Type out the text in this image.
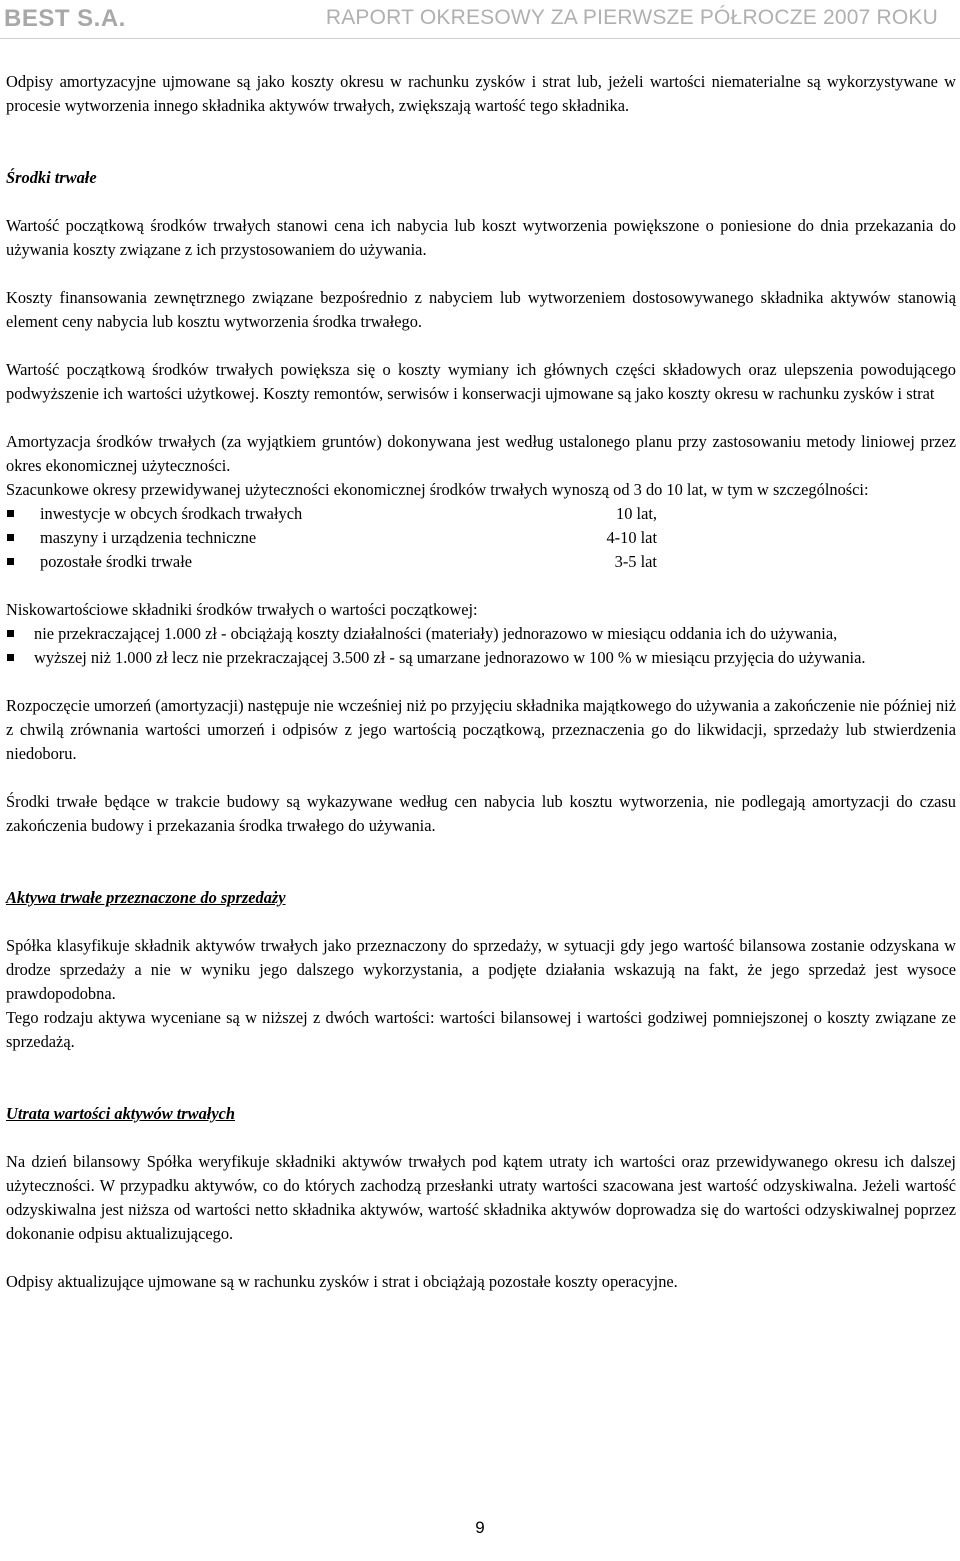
BEST S.A.	RAPORT OKRESOWY ZA PIERWSZE PÓŁROCZE 2007 ROKU

Odpisy amortyzacyjne ujmowane są jako koszty okresu w rachunku zysków i strat lub, jeżeli wartości niematerialne są wykorzystywane w procesie wytworzenia innego składnika aktywów trwałych, zwiększają wartość tego składnika.

Środki trwałe

Wartość początkową środków trwałych stanowi cena ich nabycia lub koszt wytworzenia powiększone o poniesione do dnia przekazania do używania koszty związane z ich przystosowaniem do używania.

Koszty finansowania zewnętrznego związane bezpośrednio z nabyciem lub wytworzeniem dostosowywanego składnika aktywów stanowią element ceny nabycia lub kosztu wytworzenia środka trwałego.

Wartość początkową środków trwałych powiększa się o koszty wymiany ich głównych części składowych oraz ulepszenia powodującego podwyższenie ich wartości użytkowej. Koszty remontów, serwisów i konserwacji ujmowane są jako koszty okresu w rachunku zysków i strat

Amortyzacja środków trwałych (za wyjątkiem gruntów) dokonywana jest według ustalonego planu przy zastosowaniu metody liniowej przez okres ekonomicznej użyteczności.

Szacunkowe okresy przewidywanej użyteczności ekonomicznej środków trwałych wynoszą od 3 do 10 lat, w tym w szczególności:

inwestycje w obcych środkach trwałych	10 lat,
maszyny i urządzenia techniczne	4-10 lat
pozostałe środki trwałe	3-5 lat

Niskowartościowe składniki środków trwałych o wartości początkowej:

nie przekraczającej 1.000 zł - obciążają koszty działalności (materiały) jednorazowo w miesiącu oddania ich do używania,
wyższej niż 1.000 zł lecz nie przekraczającej 3.500 zł - są umarzane jednorazowo w 100 % w miesiącu przyjęcia do używania.

Rozpoczęcie umorzeń (amortyzacji) następuje nie wcześniej niż po przyjęciu składnika majątkowego do używania a zakończenie nie później niż z chwilą zrównania wartości umorzeń i odpisów z jego wartością początkową, przeznaczenia go do likwidacji, sprzedaży lub stwierdzenia niedoboru.

Środki trwałe będące w trakcie budowy są wykazywane według cen nabycia lub kosztu wytworzenia, nie podlegają amortyzacji do czasu zakończenia budowy i przekazania środka trwałego do używania.

Aktywa trwałe przeznaczone do sprzedaży

Spółka klasyfikuje składnik aktywów trwałych jako przeznaczony do sprzedaży, w sytuacji gdy jego wartość bilansowa zostanie odzyskana w drodze sprzedaży a nie w wyniku jego dalszego wykorzystania, a podjęte działania wskazują na fakt, że jego sprzedaż jest wysoce prawdopodobna.

Tego rodzaju aktywa wyceniane są w niższej z dwóch wartości: wartości bilansowej i wartości godziwej pomniejszonej o koszty związane ze sprzedażą.

Utrata wartości aktywów trwałych

Na dzień bilansowy Spółka weryfikuje składniki aktywów trwałych pod kątem utraty ich wartości oraz przewidywanego okresu ich dalszej użyteczności. W przypadku aktywów, co do których zachodzą przesłanki utraty wartości szacowana jest wartość odzyskiwalna. Jeżeli wartość odzyskiwalna jest niższa od wartości netto składnika aktywów, wartość składnika aktywów doprowadza się do wartości odzyskiwalnej poprzez dokonanie odpisu aktualizującego.

Odpisy aktualizujące ujmowane są w rachunku zysków i strat i obciążają pozostałe koszty operacyjne.

9
